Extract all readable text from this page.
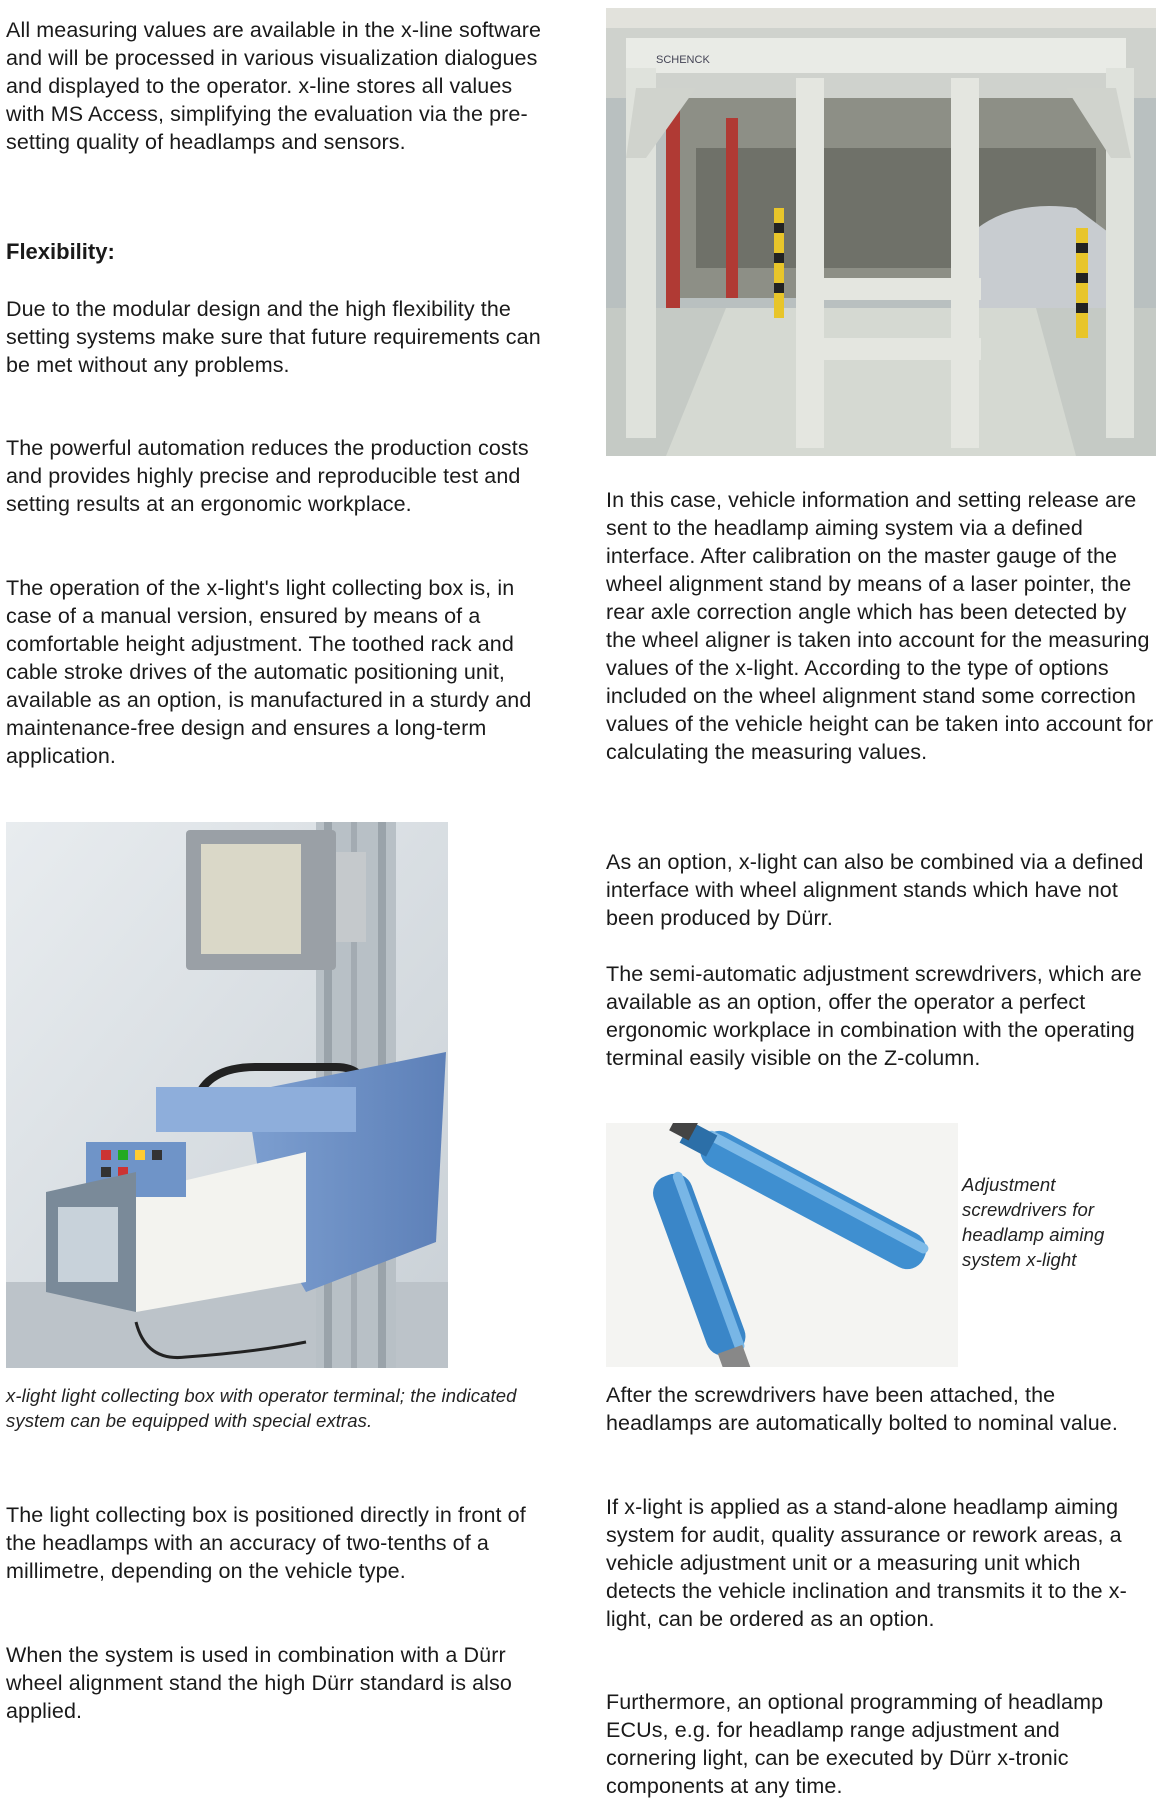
All measuring values are available in the x-line software and will be processed in various visualization dialogues and displayed to the operator. x-line stores all values with MS Access, simplifying the evaluation via the pre-setting quality of headlamps and sensors.

Flexibility:

Due to the modular design and the high flexibility the setting systems make sure that future requirements can be met without any problems.

The powerful automation reduces the production costs and provides highly precise and reproducible test and setting results at an ergonomic workplace.

The operation of the x-light's light collecting box is, in case of a manual version, ensured by means of a comfortable height adjustment. The toothed rack and cable stroke drives of the automatic positioning unit, available as an option, is manufactured in a sturdy and maintenance-free design and ensures a long-term application.

x-light light collecting box with operator terminal; the indicated system can be equipped with special extras.

The light collecting box is positioned directly in front of the headlamps with an accuracy of two-tenths of a millimetre, depending on the vehicle type.

When the system is used in combination with a Dürr wheel alignment stand the high Dürr standard is also applied.

SCHENCK

In this case, vehicle information and setting release are sent to the headlamp aiming system via a defined interface. After calibration on the master gauge of the wheel alignment stand by means of a laser pointer, the rear axle correction angle which has been detected by the wheel aligner is taken into account for the measuring values of the x-light. According to the type of options included on the wheel alignment stand some correction values of the vehicle height can be taken into account for calculating the measuring values.

As an option, x-light can also be combined via a defined interface with wheel alignment stands which have not been produced by Dürr.

The semi-automatic adjustment screwdrivers, which are available as an option, offer the operator a perfect ergonomic workplace in combination with the operating terminal easily visible on the Z-column.

Adjustment screwdrivers for headlamp aiming system x-light

After the screwdrivers have been attached, the headlamps are automatically bolted to nominal value.

If x-light is applied as a stand-alone headlamp aiming system for audit, quality assurance or rework areas, a vehicle adjustment unit or a measuring unit which detects the vehicle inclination and transmits it to the x-light, can be ordered as an option.

Furthermore, an optional programming of headlamp ECUs, e.g. for headlamp range adjustment and cornering light, can be executed by Dürr x-tronic components at any time.
